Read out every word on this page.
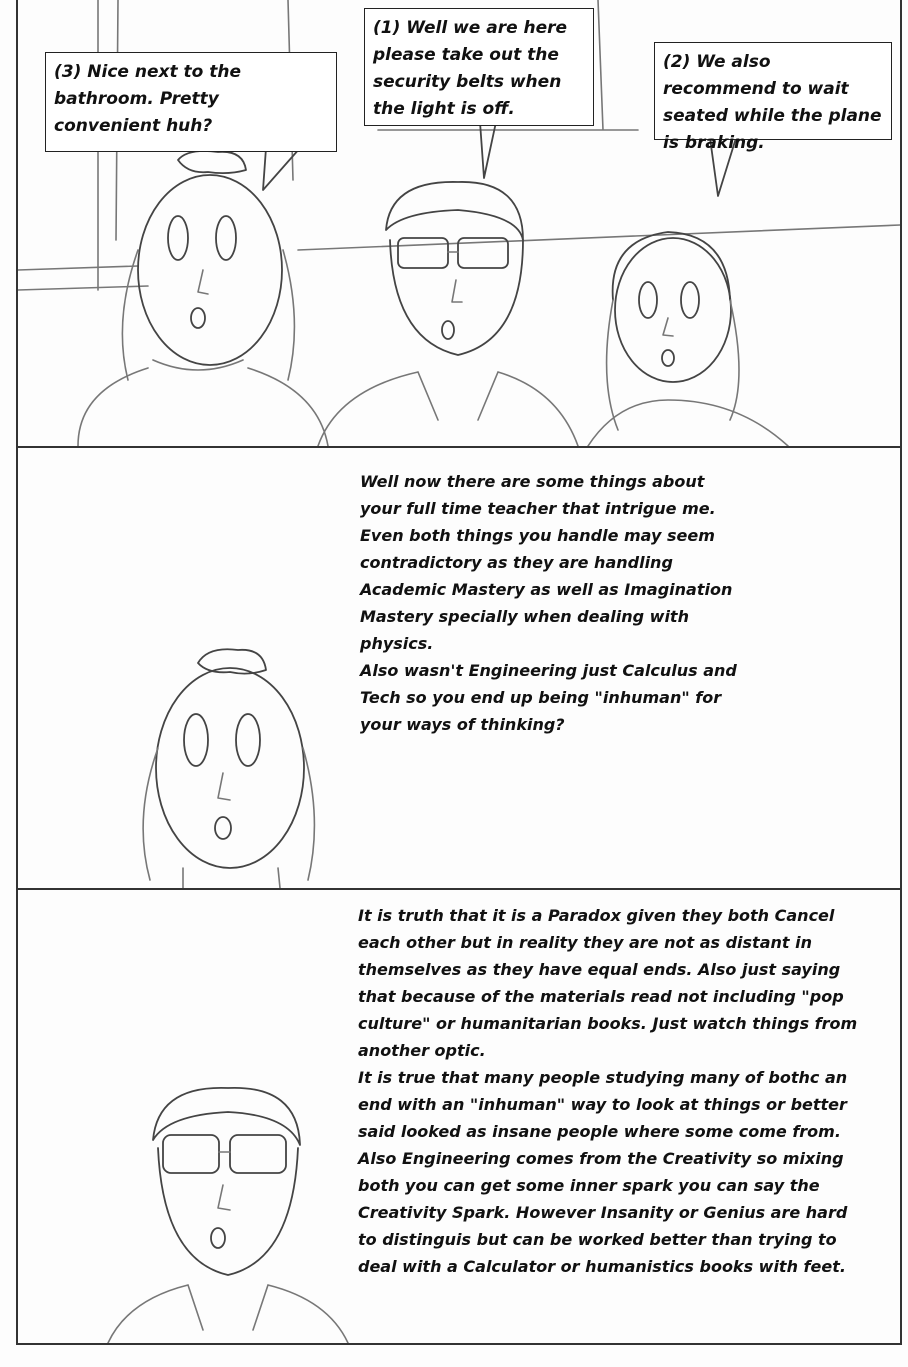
(3) Nice next to the bathroom. Pretty convenient huh?
(1) Well we are here please take out the security belts when the light is off.
(2) We also recommend to wait seated while the plane is braking.
Well now there are some things about
your full time teacher that intrigue me.
Even both things you handle may seem
contradictory as they are handling
Academic Mastery as well as Imagination
Mastery specially when dealing with
physics.
Also wasn't Engineering just Calculus and
Tech so you end up being "inhuman" for
your ways of thinking?
It is truth that it is a Paradox given they both Cancel
each other but in reality they are not as distant in
themselves as they have equal ends. Also just saying
that because of the materials read not including "pop
culture" or humanitarian books. Just watch things from
another optic.
It is true that many people studying many of bothc an
end with an "inhuman" way to look at things or better
said looked as insane people where some come from.
Also Engineering comes from the Creativity so mixing
both you can get some inner spark you can say the
Creativity Spark. However Insanity or Genius are hard
to distinguis but can be worked better than trying to
deal with a Calculator or humanistics books with feet.
